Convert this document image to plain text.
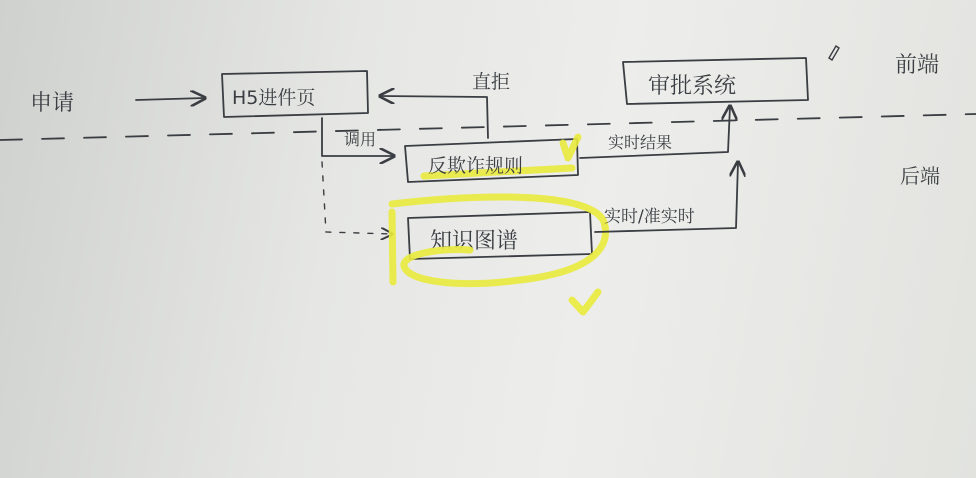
前端
后端
申请	H5进件页	审批系统
直拒
调用
反欺诈规则
实时结果
知识图谱
实时/准实时
